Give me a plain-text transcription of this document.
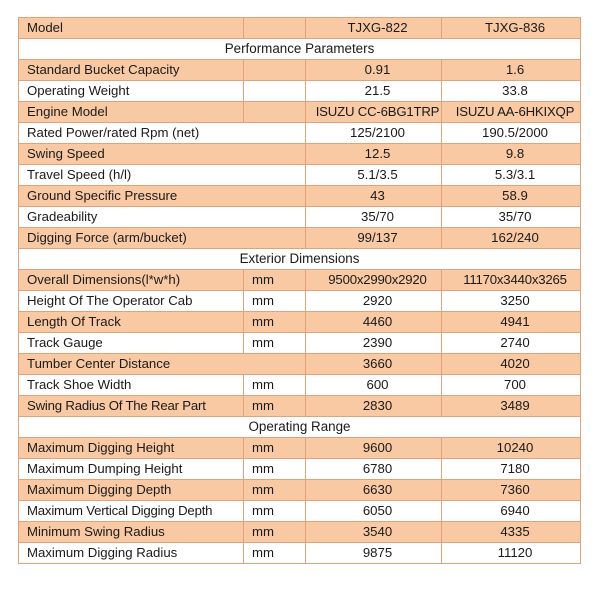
Model		TJXG-822	TJXG-836
Performance Parameters			
Standard Bucket Capacity		0.91	1.6
Operating Weight		21.5	33.8
Engine Model		ISUZU CC-6BG1TRP	ISUZU AA-6HKIXQP
Rated Power/rated Rpm (net)		125/2100	190.5/2000
Swing Speed		12.5	9.8
Travel Speed (h/l)		5.1/3.5	5.3/3.1
Ground Specific Pressure		43	58.9
Gradeability		35/70	35/70
Digging Force (arm/bucket)		99/137	162/240
Exterior Dimensions			
Overall Dimensions(l*w*h)	mm	9500x2990x2920	11170x3440x3265
Height Of The Operator Cab	mm	2920	3250
Length Of Track	mm	4460	4941
Track Gauge	mm	2390	2740
Tumber Center Distance		3660	4020
Track Shoe Width	mm	600	700
Swing Radius Of The Rear Part	mm	2830	3489
Operating Range			
Maximum Digging Height	mm	9600	10240
Maximum Dumping Height	mm	6780	7180
Maximum Digging Depth	mm	6630	7360
Maximum Vertical Digging Depth	mm	6050	6940
Minimum Swing Radius	mm	3540	4335
Maximum Digging Radius	mm	9875	11120
